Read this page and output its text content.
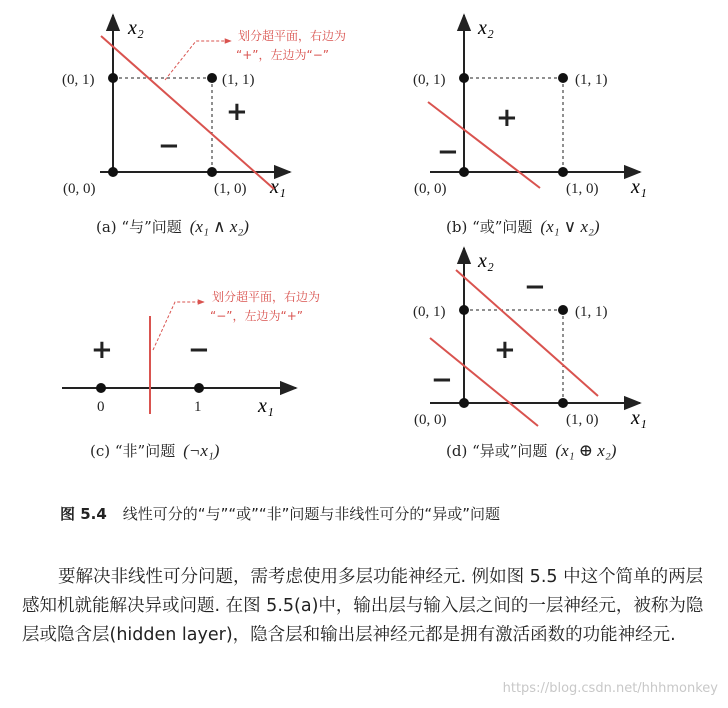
x₂
x₁
(0, 0)
(0, 1)
(1, 0)
(1, 1)
+
−
划分超平面，右边为
“+”，左边为“−”
(a) “与”问题 (x₁ ∧ x₂)
x₂
x₁
(0, 0)
(0, 1)
(1, 0)
(1, 1)
+
−
(b) “或”问题 (x₁ ∨ x₂)
x₁
0	1
+	−
划分超平面，右边为
“−”，左边为“+”
(c) “非”问题 (¬x₁)
x₂
x₁
(0, 0)
(0, 1)
(1, 0)
(1, 1)
+
−
−
(d) “异或”问题 (x₁ ⊕ x₂)
图 5.4 线性可分的“与”“或”“非”问题与非线性可分的“异或”问题

要解决非线性可分问题，需考虑使用多层功能神经元. 例如图 5.5 中这个简单的两层感知机就能解决异或问题. 在图 5.5(a)中，输出层与输入层之间的一层神经元，被称为隐层或隐含层(hidden layer)，隐含层和输出层神经元都是拥有激活函数的功能神经元.

https://blog.csdn.net/hhhmonkey
